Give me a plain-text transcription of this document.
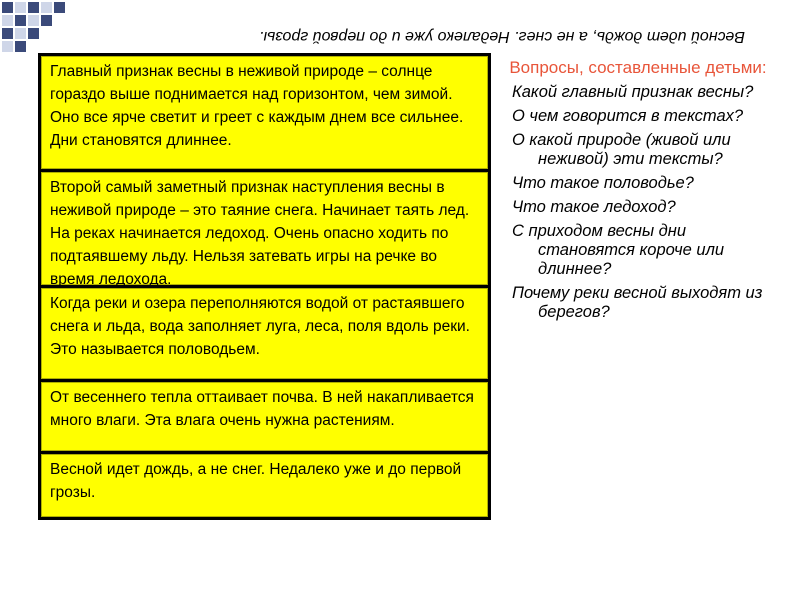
Весной идет дождь, а не снег. Недалеко уже и до первой грозы.
Главный признак весны в неживой природе – солнце гораздо выше поднимается над горизонтом, чем зимой. Оно все ярче светит и греет с каждым днем все сильнее. Дни становятся длиннее.
Второй самый заметный признак наступления весны в неживой природе – это таяние снега. Начинает таять лед. На реках начинается ледоход. Очень опасно ходить по подтаявшему льду. Нельзя затевать игры на речке во время ледохода.
Когда реки и озера переполняются водой от растаявшего снега и льда, вода заполняет луга, леса, поля вдоль реки. Это называется половодьем.
От весеннего тепла оттаивает почва. В ней накапливается много влаги. Эта влага очень нужна растениям.
Весной идет дождь, а не снег. Недалеко уже и до первой грозы.
Вопросы, составленные детьми:
Какой главный признак весны?
О чем говорится в текстах?
О какой природе (живой или неживой) эти тексты?
Что такое половодье?
Что такое ледоход?
С приходом весны дни становятся короче или длиннее?
Почему реки весной выходят из берегов?
